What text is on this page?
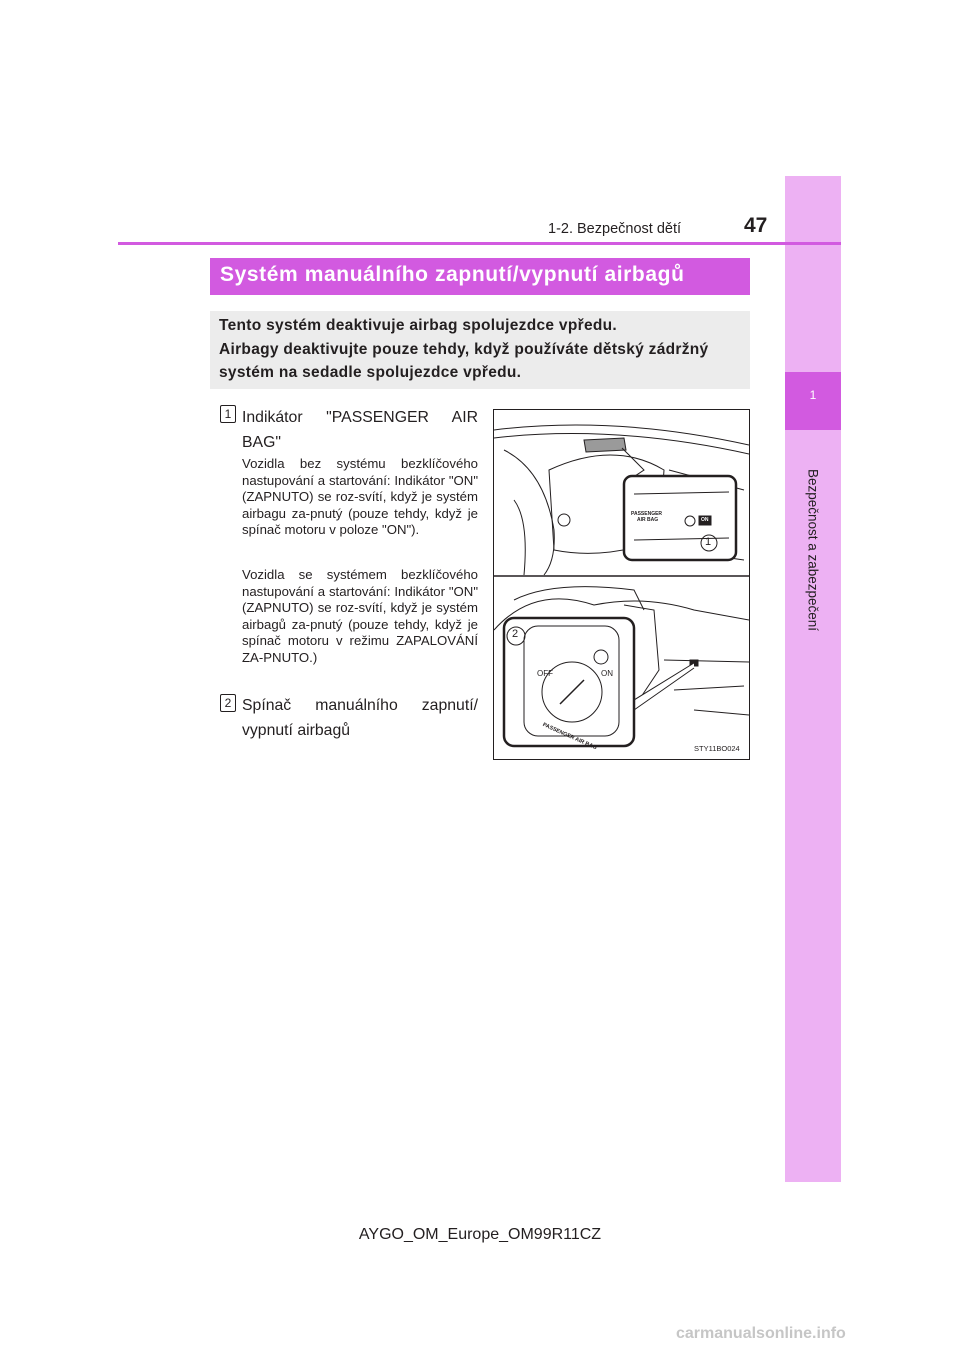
1
Bezpečnost a zabezpečení
1-2. Bezpečnost dětí	47
Systém manuálního zapnutí/vypnutí airbagů
Tento systém deaktivuje airbag spolujezdce vpředu.
Airbagy deaktivujte pouze tehdy, když používáte dětský zádržný
systém na sedadle spolujezdce vpředu.
1 Indikátor "PASSENGER AIR BAG"
Vozidla bez systému bezklíčového nastupování a startování: Indikátor "ON" (ZAPNUTO) se roz-svítí, když je systém airbagu za-pnutý (pouze tehdy, když je spínač motoru v poloze "ON").
Vozidla se systémem bezklíčového nastupování a startování: Indikátor "ON" (ZAPNUTO) se roz-svítí, když je systém airbagů za-pnutý (pouze tehdy, když je spínač motoru v režimu ZAPALOVÁNÍ ZA-PNUTO.)
2 Spínač manuálního zapnutí/ vypnutí airbagů
PASSENGER
AIR BAG	ON
1
2
OFF	ON
PASSENGER AIR BAG	STY11BO024
AYGO_OM_Europe_OM99R11CZ
carmanualsonline.info
